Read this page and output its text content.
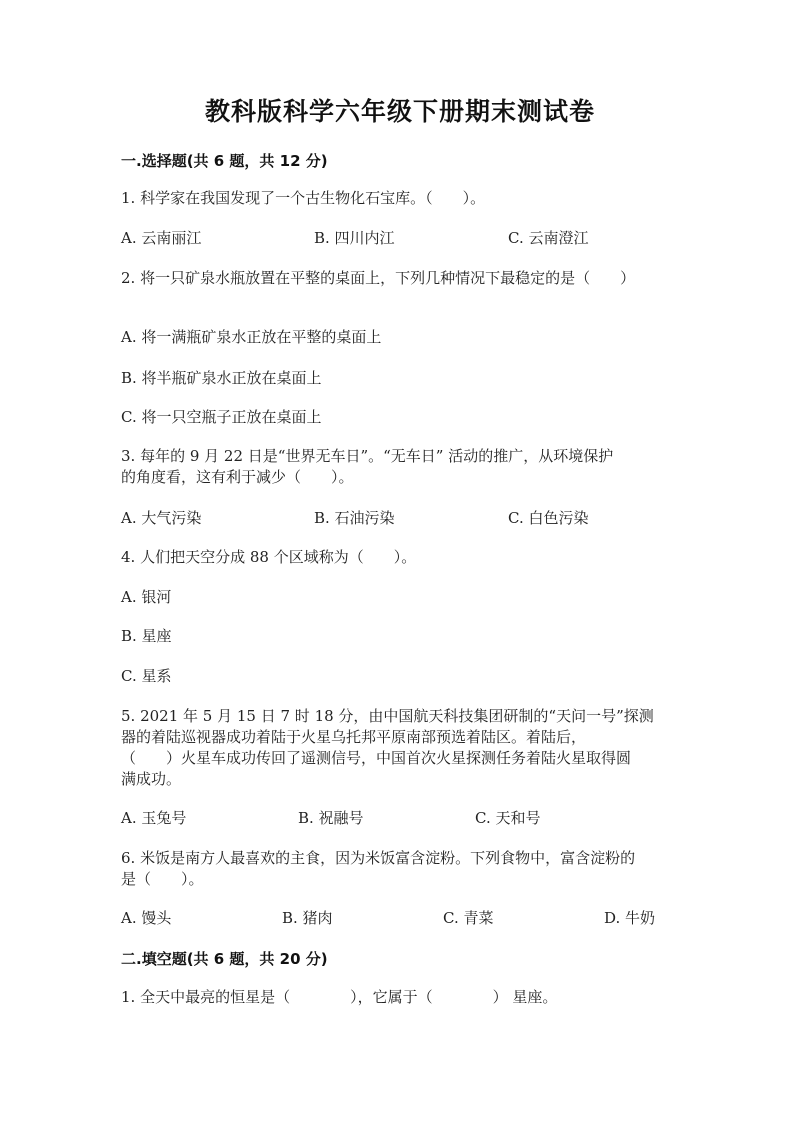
教科版科学六年级下册期末测试卷
一.选择题(共 6 题，共 12 分)
1. 科学家在我国发现了一个古生物化石宝库。（　　）。
A. 云南丽江	B. 四川内江	C. 云南澄江
2. 将一只矿泉水瓶放置在平整的桌面上，下列几种情况下最稳定的是（　　）
A. 将一满瓶矿泉水正放在平整的桌面上
B. 将半瓶矿泉水正放在桌面上
C. 将一只空瓶子正放在桌面上
3. 每年的 9 月 22 日是“世界无车日”。“无车日” 活动的推广，从环境保护
的角度看，这有利于减少（　　）。
A. 大气污染	B. 石油污染	C. 白色污染
4. 人们把天空分成 88 个区域称为（　　）。
A. 银河
B. 星座
C. 星系
5. 2021 年 5 月 15 日 7 时 18 分，由中国航天科技集团研制的“天问一号”探测
器的着陆巡视器成功着陆于火星乌托邦平原南部预选着陆区。着陆后，
（　　）火星车成功传回了遥测信号，中国首次火星探测任务着陆火星取得圆
满成功。
A. 玉兔号	B. 祝融号	C. 天和号
6. 米饭是南方人最喜欢的主食，因为米饭富含淀粉。下列食物中，富含淀粉的
是（　　）。
A. 馒头	B. 猪肉	C. 青菜	D. 牛奶
二.填空题(共 6 题，共 20 分)
1. 全天中最亮的恒星是（　　　　），它属于（　　　　） 星座。
